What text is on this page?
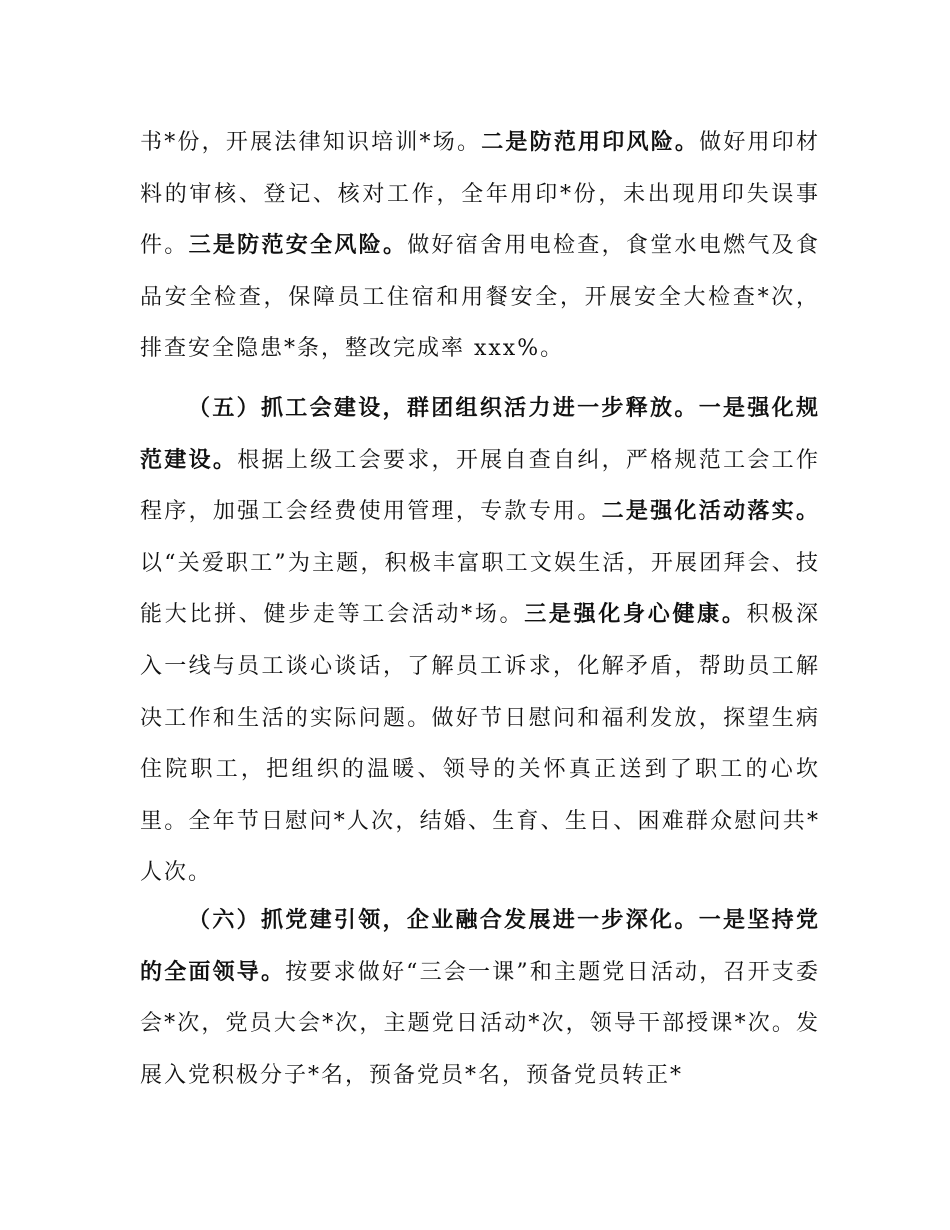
书*份，开展法律知识培训*场。二是防范用印风险。做好用印材料的审核、登记、核对工作，全年用印*份，未出现用印失误事件。三是防范安全风险。做好宿舍用电检查，食堂水电燃气及食品安全检查，保障员工住宿和用餐安全，开展安全大检查*次，排查安全隐患*条，整改完成率 xxx%。

（五）抓工会建设，群团组织活力进一步释放。一是强化规范建设。根据上级工会要求，开展自查自纠，严格规范工会工作程序，加强工会经费使用管理，专款专用。二是强化活动落实。以“关爱职工”为主题，积极丰富职工文娱生活，开展团拜会、技能大比拼、健步走等工会活动*场。三是强化身心健康。积极深入一线与员工谈心谈话，了解员工诉求，化解矛盾，帮助员工解决工作和生活的实际问题。做好节日慰问和福利发放，探望生病住院职工，把组织的温暖、领导的关怀真正送到了职工的心坎里。全年节日慰问*人次，结婚、生育、生日、困难群众慰问共*人次。

（六）抓党建引领，企业融合发展进一步深化。一是坚持党的全面领导。按要求做好“三会一课”和主题党日活动，召开支委会*次，党员大会*次，主题党日活动*次，领导干部授课*次。发展入党积极分子*名，预备党员*名，预备党员转正*
